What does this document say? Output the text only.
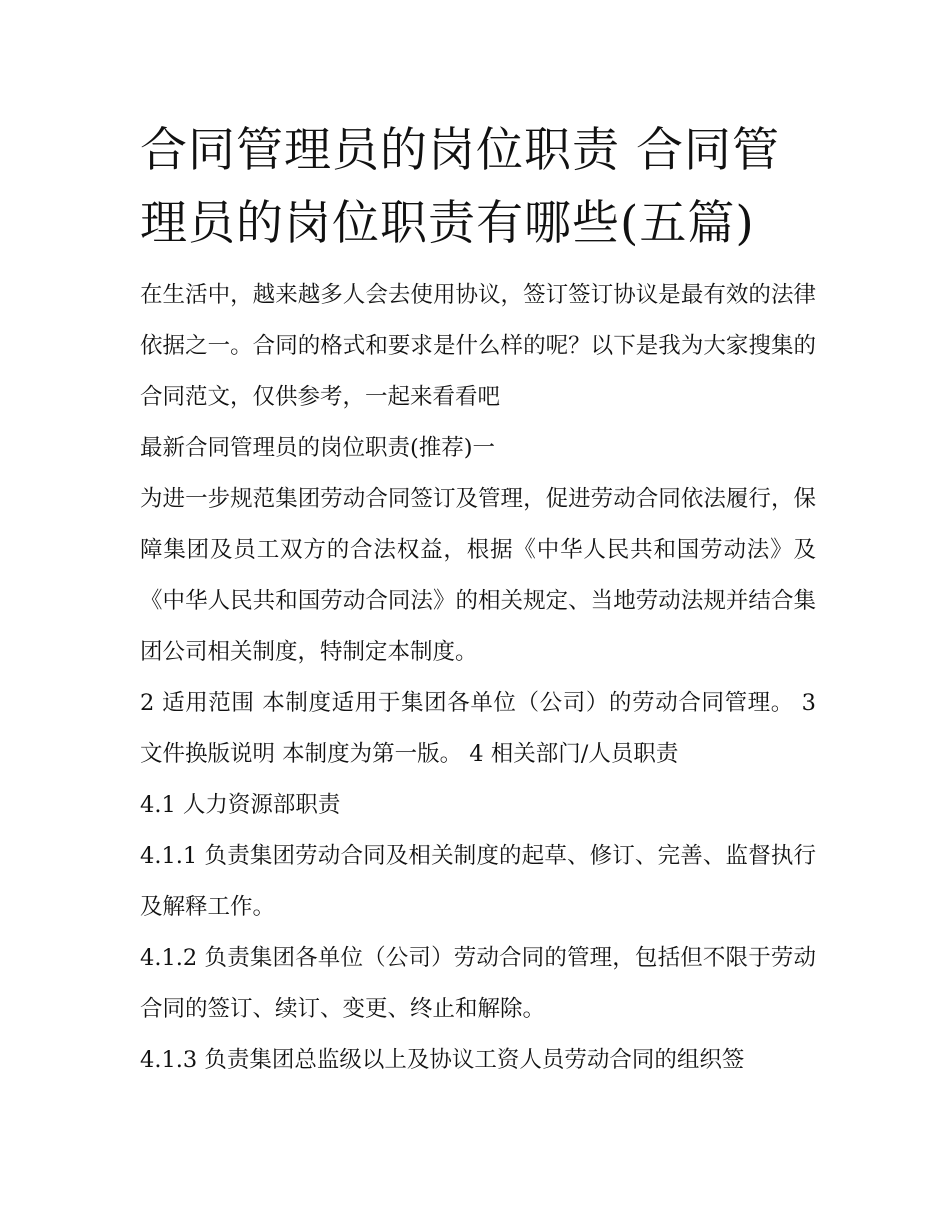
合同管理员的岗位职责 合同管理员的岗位职责有哪些(五篇)

在生活中，越来越多人会去使用协议，签订签订协议是最有效的法律依据之一。合同的格式和要求是什么样的呢？以下是我为大家搜集的合同范文，仅供参考，一起来看看吧

最新合同管理员的岗位职责(推荐)一

为进一步规范集团劳动合同签订及管理，促进劳动合同依法履行，保障集团及员工双方的合法权益，根据《中华人民共和国劳动法》及《中华人民共和国劳动合同法》的相关规定、当地劳动法规并结合集团公司相关制度，特制定本制度。

2 适用范围 本制度适用于集团各单位（公司）的劳动合同管理。 3 文件换版说明 本制度为第一版。 4 相关部门/人员职责

4.1 人力资源部职责

4.1.1 负责集团劳动合同及相关制度的起草、修订、完善、监督执行及解释工作。

4.1.2 负责集团各单位（公司）劳动合同的管理，包括但不限于劳动合同的签订、续订、变更、终止和解除。

4.1.3 负责集团总监级以上及协议工资人员劳动合同的组织签
